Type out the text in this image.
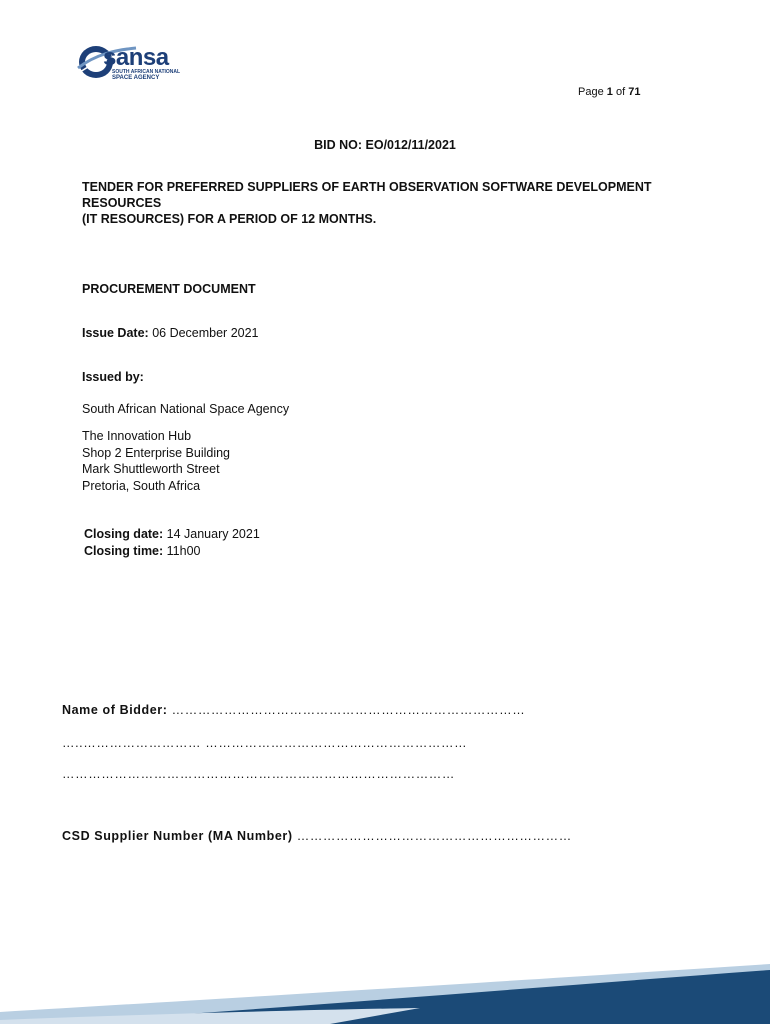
sansa
SOUTH AFRICAN NATIONAL
SPACE AGENCY
Page 1 of 71
BID NO: EO/012/11/2021
TENDER FOR PREFERRED SUPPLIERS OF EARTH OBSERVATION SOFTWARE DEVELOPMENT RESOURCES
(IT RESOURCES) FOR A PERIOD OF 12 MONTHS.
PROCUREMENT DOCUMENT
Issue Date: 06 December 2021
Issued by:
South African National Space Agency
The Innovation Hub
Shop 2 Enterprise Building
Mark Shuttleworth Street
Pretoria, South Africa
Closing date: 14 January 2021
Closing time: 11h00
Name of Bidder: ………………………………………………………………………
…..……………………… ……………………………………………………
………………………………………………………………………………
CSD Supplier Number (MA Number) ………………………………………………………
